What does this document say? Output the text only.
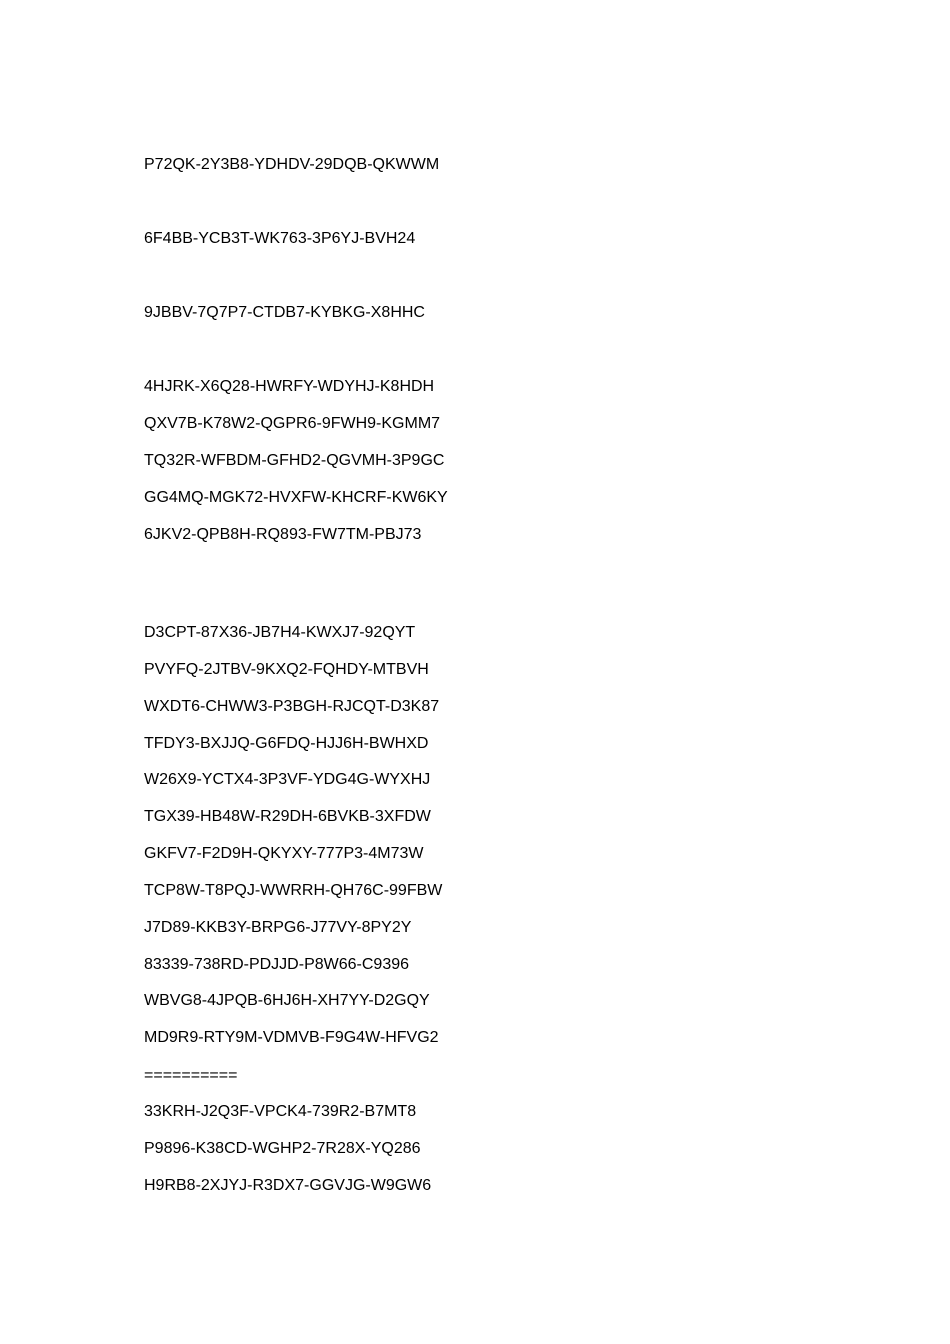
P72QK-2Y3B8-YDHDV-29DQB-QKWWM
6F4BB-YCB3T-WK763-3P6YJ-BVH24
9JBBV-7Q7P7-CTDB7-KYBKG-X8HHC
4HJRK-X6Q28-HWRFY-WDYHJ-K8HDH
QXV7B-K78W2-QGPR6-9FWH9-KGMM7
TQ32R-WFBDM-GFHD2-QGVMH-3P9GC
GG4MQ-MGK72-HVXFW-KHCRF-KW6KY
6JKV2-QPB8H-RQ893-FW7TM-PBJ73
D3CPT-87X36-JB7H4-KWXJ7-92QYT
PVYFQ-2JTBV-9KXQ2-FQHDY-MTBVH
WXDT6-CHWW3-P3BGH-RJCQT-D3K87
TFDY3-BXJJQ-G6FDQ-HJJ6H-BWHXD
W26X9-YCTX4-3P3VF-YDG4G-WYXHJ
TGX39-HB48W-R29DH-6BVKB-3XFDW
GKFV7-F2D9H-QKYXY-777P3-4M73W
TCP8W-T8PQJ-WWRRH-QH76C-99FBW
J7D89-KKB3Y-BRPG6-J77VY-8PY2Y
83339-738RD-PDJJD-P8W66-C9396
WBVG8-4JPQB-6HJ6H-XH7YY-D2GQY
MD9R9-RTY9M-VDMVB-F9G4W-HFVG2
==========
33KRH-J2Q3F-VPCK4-739R2-B7MT8
P9896-K38CD-WGHP2-7R28X-YQ286
H9RB8-2XJYJ-R3DX7-GGVJG-W9GW6
